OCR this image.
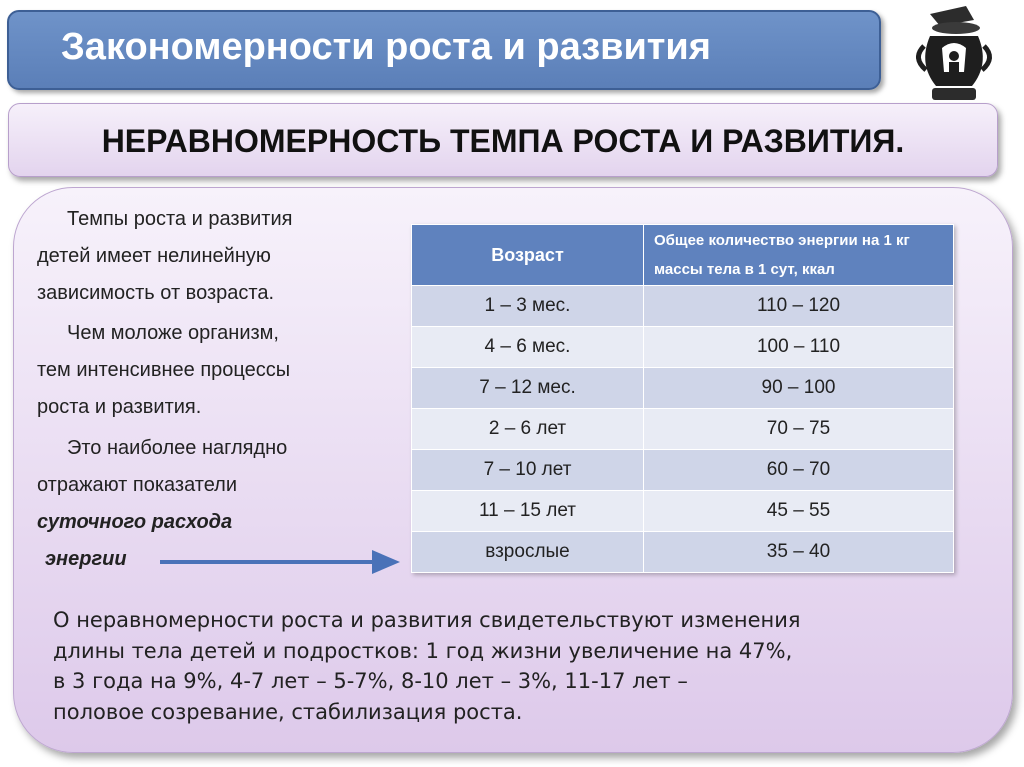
Закономерности роста и развития
НЕРАВНОМЕРНОСТЬ ТЕМПА РОСТА И РАЗВИТИЯ.
Темпы роста и развития
детей имеет нелинейную
зависимость от возраста.
Чем моложе организм,
тем интенсивнее процессы
роста и развития.
Это наиболее наглядно
отражают показатели
суточного расхода
энергии
Возраст	Общее количество энергии на 1 кг массы тела в 1 сут, ккал
1 – 3 мес.	110 – 120
4 – 6 мес.	100 – 110
7 – 12 мес.	90 – 100
2 – 6 лет	70 – 75
7 – 10 лет	60 – 70
11 – 15 лет	45 – 55
взрослые	35 – 40
О неравномерности роста и развития свидетельствуют изменения
длины тела детей и подростков: 1 год жизни увеличение на 47%,
в 3 года на 9%, 4-7 лет – 5-7%, 8-10 лет – 3%, 11-17 лет –
половое созревание, стабилизация роста.
